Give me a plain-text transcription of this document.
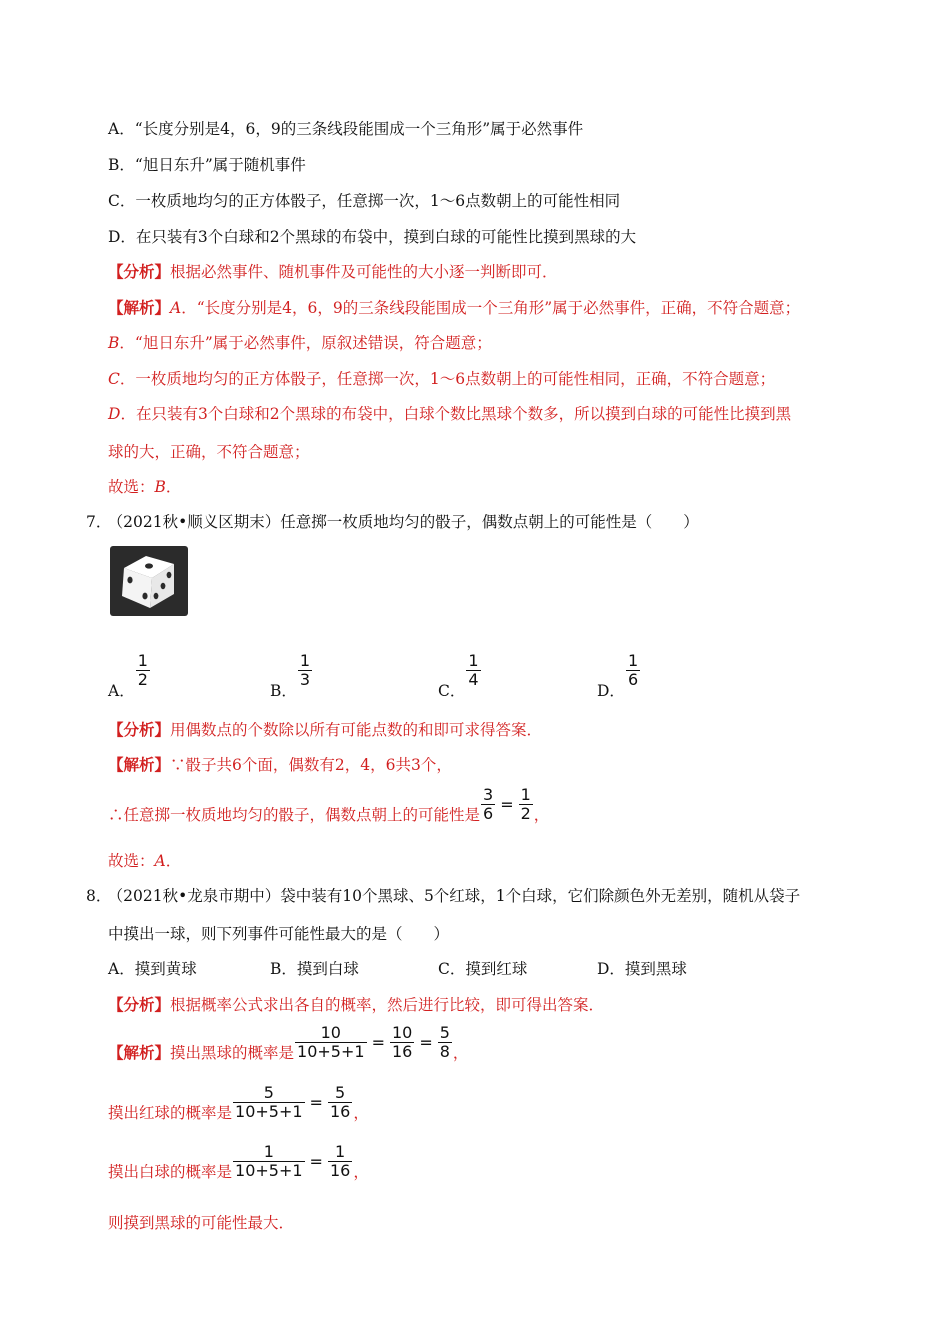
A．“长度分别是4，6，9的三条线段能围成一个三角形”属于必然事件
B．“旭日东升”属于随机事件
C．一枚质地均匀的正方体骰子，任意掷一次，1～6点数朝上的可能性相同
D．在只装有3个白球和2个黑球的布袋中，摸到白球的可能性比摸到黑球的大
【分析】根据必然事件、随机事件及可能性的大小逐一判断即可．
【解析】A．“长度分别是4，6，9的三条线段能围成一个三角形”属于必然事件，正确，不符合题意；
B．“旭日东升”属于必然事件，原叙述错误，符合题意；
C．一枚质地均匀的正方体骰子，任意掷一次，1～6点数朝上的可能性相同，正确，不符合题意；
D．在只装有3个白球和2个黑球的布袋中，白球个数比黑球个数多，所以摸到白球的可能性比摸到黑
球的大，正确，不符合题意；
故选：B．
7． （2021秋•顺义区期末）任意掷一枚质地均匀的骰子，偶数点朝上的可能性是（　　）
A．
$\frac{1}{2}$
B．
$\frac{1}{3}$
C．
$\frac{1}{4}$
D．
$\frac{1}{6}$
【分析】用偶数点的个数除以所有可能点数的和即可求得答案．
【解析】∵骰子共6个面，偶数有2，4，6共3个，
∴任意掷一枚质地均匀的骰子，偶数点朝上的可能性是 $\frac{3}{6} = \frac{1}{2}$ ，
故选：A．
8． （2021秋•龙泉市期中）袋中装有10个黑球、5个红球，1个白球，它们除颜色外无差别，随机从袋子
中摸出一球，则下列事件可能性最大的是（　　）
A．摸到黄球	B．摸到白球	C．摸到红球	D．摸到黑球
【分析】根据概率公式求出各自的概率，然后进行比较，即可得出答案．
【解析】摸出黑球的概率是 $\frac{10}{10+5+1} = \frac{10}{16} = \frac{5}{8}$ ，
摸出红球的概率是 $\frac{5}{10+5+1} = \frac{5}{16}$ ，
摸出白球的概率是 $\frac{1}{10+5+1} = \frac{1}{16}$ ，
则摸到黑球的可能性最大．
